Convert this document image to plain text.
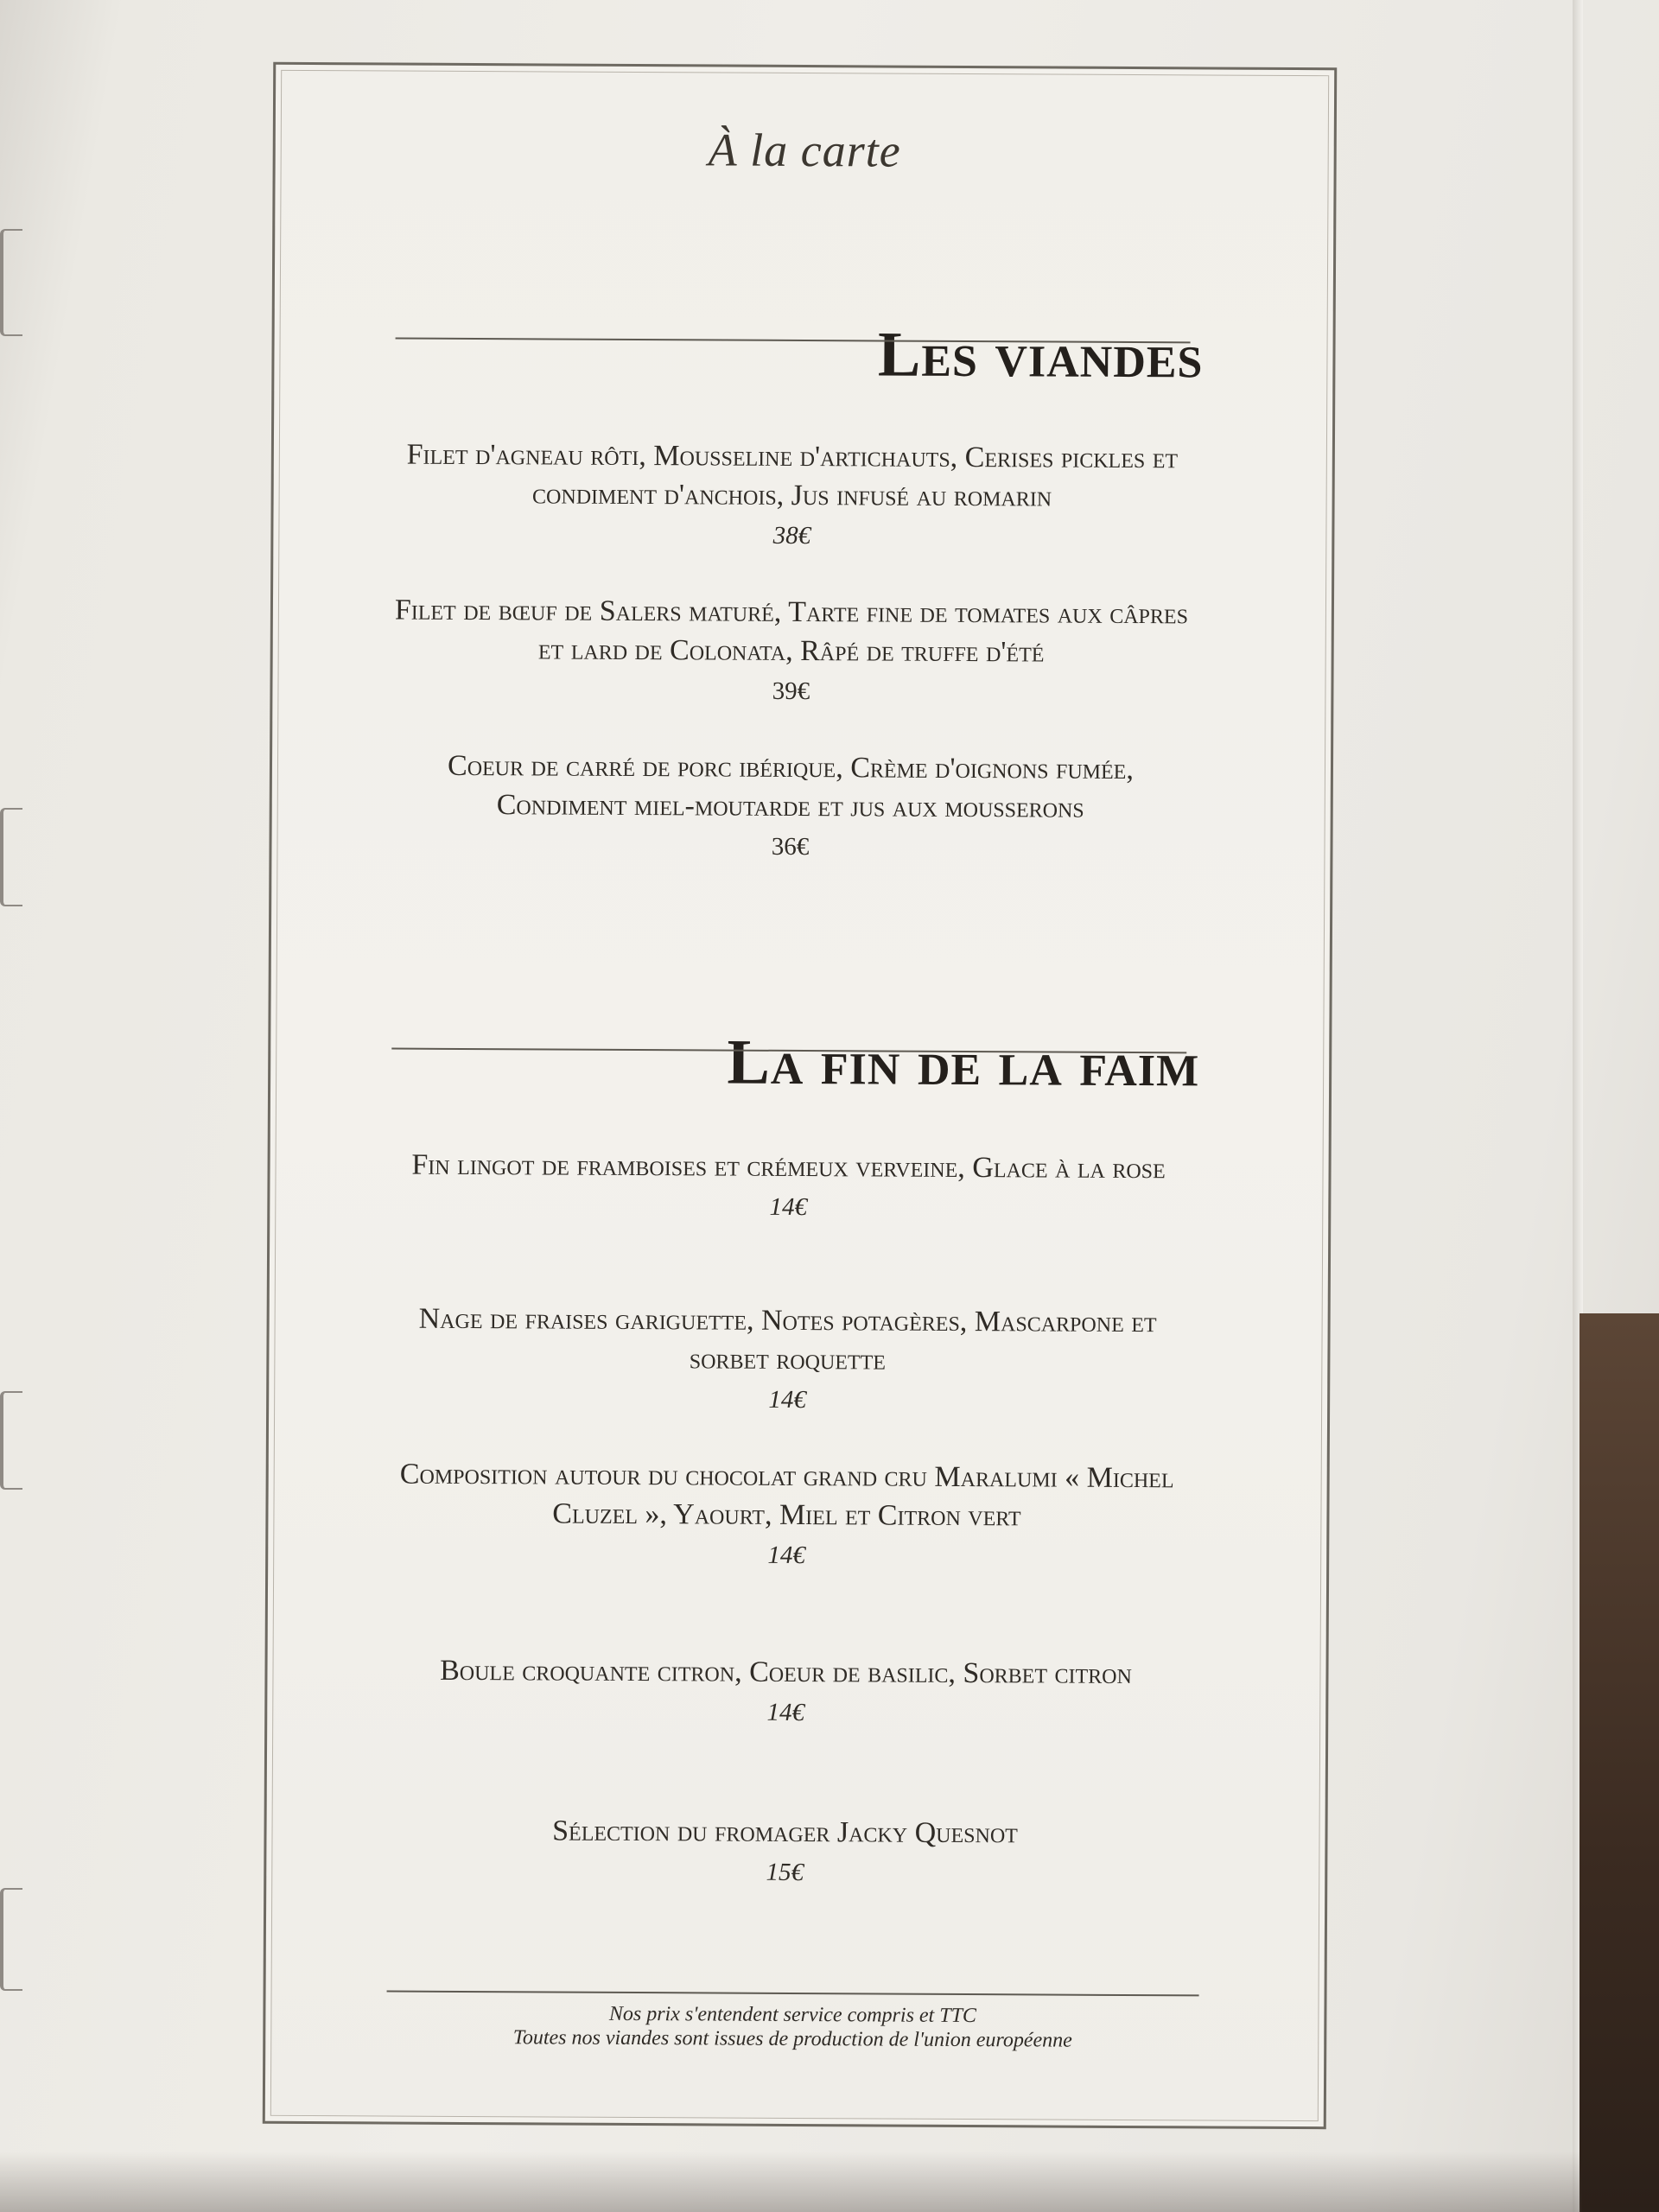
À la carte
Les viandes
Filet d'agneau rôti, Mousseline d'artichauts, Cerises pickles et condiment d'anchois, Jus infusé au romarin
38€
Filet de bœuf de Salers maturé, Tarte fine de tomates aux câpres et lard de Colonata, Râpé de truffe d'été
39€
Coeur de carré de porc ibérique, Crème d'oignons fumée, Condiment miel-moutarde et jus aux mousserons
36€
La fin de la faim
Fin lingot de framboises et crémeux verveine, Glace à la rose
14€
Nage de fraises gariguette, Notes potagères, Mascarpone et sorbet roquette
14€
Composition autour du chocolat grand cru Maralumi « Michel Cluzel », Yaourt, Miel et Citron vert
14€
Boule croquante citron, Coeur de basilic, Sorbet citron
14€
Sélection du fromager Jacky Quesnot
15€
Nos prix s'entendent service compris et TTC
Toutes nos viandes sont issues de production de l'union européenne
